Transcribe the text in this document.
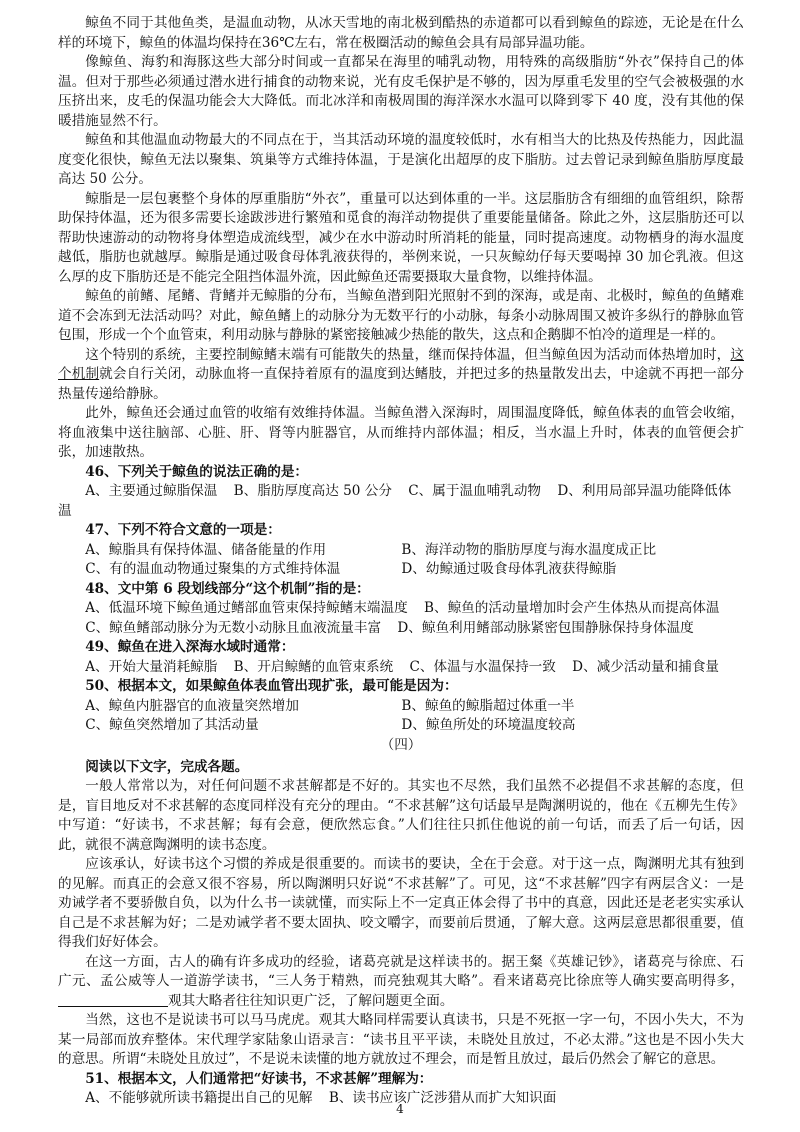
鲸鱼不同于其他鱼类，是温血动物，从冰天雪地的南北极到酷热的赤道都可以看到鲸鱼的踪迹，无论是在什么样的环境下，鲸鱼的体温均保持在36℃左右，常在极圈活动的鲸鱼会具有局部异温功能。

像鲸鱼、海豹和海豚这些大部分时间或一直都呆在海里的哺乳动物，用特殊的高级脂肪“外衣”保持自己的体温。但对于那些必须通过潜水进行捕食的动物来说，光有皮毛保护是不够的，因为厚重毛发里的空气会被极强的水压挤出来，皮毛的保温功能会大大降低。而北冰洋和南极周围的海洋深水水温可以降到零下 40 度，没有其他的保暖措施显然不行。

鲸鱼和其他温血动物最大的不同点在于，当其活动环境的温度较低时，水有相当大的比热及传热能力，因此温度变化很快，鲸鱼无法以聚集、筑巢等方式维持体温，于是演化出超厚的皮下脂肪。过去曾记录到鲸鱼脂肪厚度最高达 50 公分。

鲸脂是一层包裹整个身体的厚重脂肪“外衣”，重量可以达到体重的一半。这层脂肪含有细细的血管组织，除帮助保持体温，还为很多需要长途跋涉进行繁殖和觅食的海洋动物提供了重要能量储备。除此之外，这层脂肪还可以帮助快速游动的动物将身体塑造成流线型，减少在水中游动时所消耗的能量，同时提高速度。动物栖身的海水温度越低，脂肪也就越厚。鲸脂是通过吸食母体乳液获得的，举例来说，一只灰鲸幼仔每天要喝掉 30 加仑乳液。但这么厚的皮下脂肪还是不能完全阻挡体温外流，因此鲸鱼还需要摄取大量食物，以维持体温。

鲸鱼的前鳍、尾鳍、背鳍并无鲸脂的分布，当鲸鱼潜到阳光照射不到的深海，或是南、北极时，鲸鱼的鱼鳍难道不会冻到无法活动吗？对此，鲸鱼鳍上的动脉分为无数平行的小动脉，每条小动脉周围又被许多纵行的静脉血管包围，形成一个个血管束，利用动脉与静脉的紧密接触减少热能的散失，这点和企鹅脚不怕冷的道理是一样的。

这个特别的系统，主要控制鲸鳍末端有可能散失的热量，继而保持体温，但当鲸鱼因为活动而体热增加时，这个机制就会自行关闭，动脉血将一直保持着原有的温度到达鳍肢，并把过多的热量散发出去，中途就不再把一部分热量传递给静脉。

此外，鲸鱼还会通过血管的收缩有效维持体温。当鲸鱼潜入深海时，周围温度降低，鲸鱼体表的血管会收缩，将血液集中送往脑部、心脏、肝、肾等内脏器官，从而维持内部体温；相反，当水温上升时，体表的血管便会扩张，加速散热。

46、下列关于鲸鱼的说法正确的是：

A、主要通过鲸脂保温 B、脂肪厚度高达 50 公分 C、属于温血哺乳动物 D、利用局部异温功能降低体温

47、下列不符合文意的一项是：

A、鲸脂具有保持体温、储备能量的作用	B、海洋动物的脂肪厚度与海水温度成正比 C、有的温血动物通过聚集的方式维持体温	D、幼鲸通过吸食母体乳液获得鲸脂

48、文中第 6 段划线部分“这个机制”指的是：

A、低温环境下鲸鱼通过鳍部血管束保持鲸鳍末端温度 B、鲸鱼的活动量增加时会产生体热从而提高体温

C、鲸鱼鳍部动脉分为无数小动脉且血液流量丰富 D、鲸鱼利用鳍部动脉紧密包围静脉保持身体温度

49、鲸鱼在进入深海水域时通常：

A、开始大量消耗鲸脂 B、开启鲸鳍的血管束系统 C、体温与水温保持一致 D、减少活动量和捕食量

50、根据本文，如果鲸鱼体表血管出现扩张，最可能是因为：

A、鲸鱼内脏器官的血液量突然增加	B、鲸鱼的鲸脂超过体重一半 C、鲸鱼突然增加了其活动量	D、鲸鱼所处的环境温度较高

（四）

阅读以下文字，完成各题。

一般人常常以为，对任何问题不求甚解都是不好的。其实也不尽然，我们虽然不必提倡不求甚解的态度，但是，盲目地反对不求甚解的态度同样没有充分的理由。“不求甚解”这句话最早是陶渊明说的，他在《五柳先生传》中写道：“好读书，不求甚解；每有会意，便欣然忘食。”人们往往只抓住他说的前一句话，而丢了后一句话，因此，就很不满意陶渊明的读书态度。

应该承认，好读书这个习惯的养成是很重要的。而读书的要诀，全在于会意。对于这一点，陶渊明尤其有独到的见解。而真正的会意又很不容易，所以陶渊明只好说“不求甚解”了。可见，这“不求甚解”四字有两层含义：一是劝诫学者不要骄傲自负，以为什么书一读就懂，而实际上不一定真正体会得了书中的真意，因此还是老老实实承认自己是不求甚解为好；二是劝诫学者不要太固执、咬文嚼字，而要前后贯通，了解大意。这两层意思都很重要，值得我们好好体会。

在这一方面，古人的确有许多成功的经验，诸葛亮就是这样读书的。据王粲《英雄记钞》，诸葛亮与徐庶、石广元、孟公威等人一道游学读书，“三人务于精熟，而亮独观其大略”。看来诸葛亮比徐庶等人确实要高明得多，观其大略者往往知识更广泛，了解问题更全面。

当然，这也不是说读书可以马马虎虎。观其大略同样需要认真读书，只是不死抠一字一句，不因小失大，不为某一局部而放弃整体。宋代理学家陆象山语录言：“读书且平平读，未晓处且放过，不必太滞。”这也是不因小失大的意思。所谓“未晓处且放过”，不是说未读懂的地方就放过不理会，而是暂且放过，最后仍然会了解它的意思。

51、根据本文，人们通常把“好读书，不求甚解”理解为：

A、不能够就所读书籍提出自己的见解 B、读书应该广泛涉猎从而扩大知识面

4
